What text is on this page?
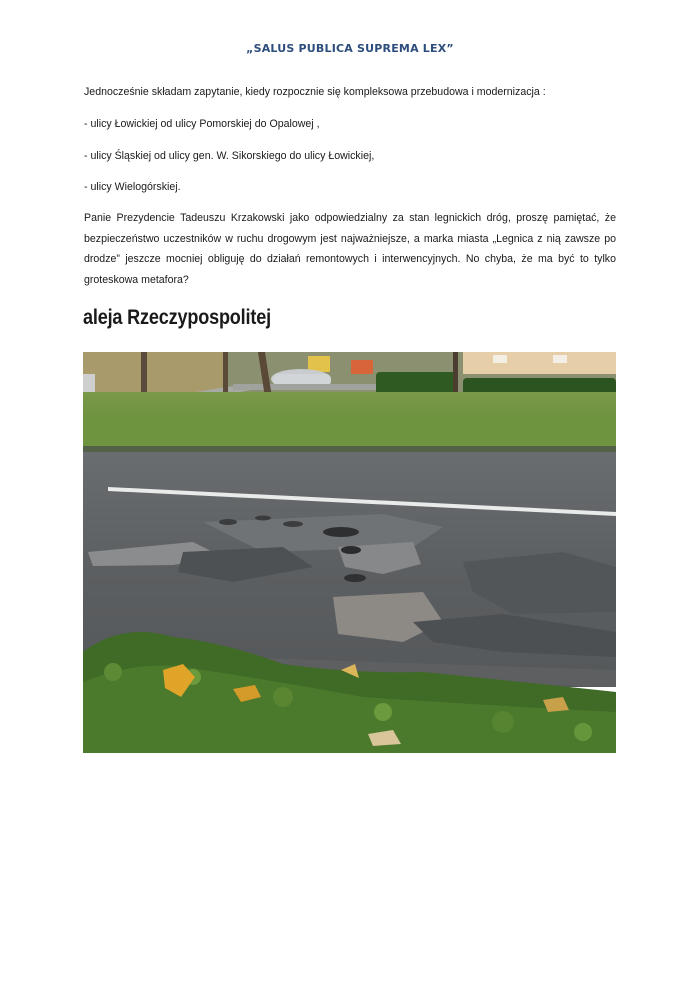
„SALUS PUBLICA SUPREMA LEX”

Jednocześnie składam zapytanie, kiedy rozpocznie się kompleksowa przebudowa i modernizacja :

- ulicy Łowickiej od ulicy Pomorskiej do Opalowej ,

- ulicy Śląskiej od ulicy gen. W. Sikorskiego do ulicy Łowickiej,

- ulicy Wielogórskiej.

Panie Prezydencie Tadeuszu Krzakowski jako odpowiedzialny za stan legnickich dróg, proszę pamiętać, że bezpieczeństwo uczestników w ruchu drogowym jest najważniejsze, a marka miasta „Legnica z nią zawsze po drodze” jeszcze mocniej obliguję do działań remontowych i interwencyjnych. No chyba, że ma być to tylko groteskowa metafora?

aleja Rzeczypospolitej
